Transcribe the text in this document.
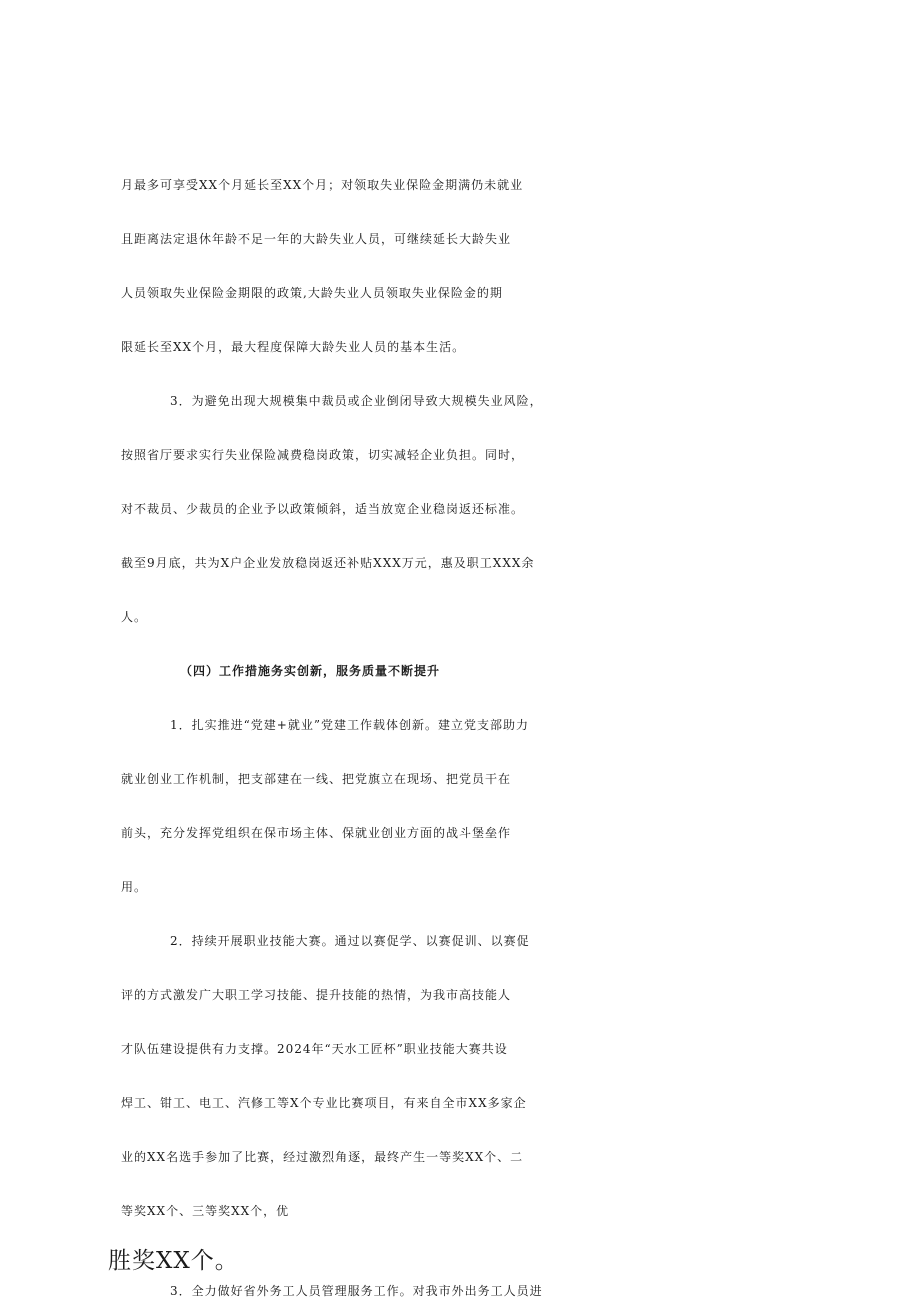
月最多可享受XX个月延长至XX个月；对领取失业保险金期满仍未就业
且距离法定退休年龄不足一年的大龄失业人员，可继续延长大龄失业
人员领取失业保险金期限的政策,大龄失业人员领取失业保险金的期
限延长至XX个月，最大程度保障大龄失业人员的基本生活。
3．为避免出现大规模集中裁员或企业倒闭导致大规模失业风险，
按照省厅要求实行失业保险减费稳岗政策，切实减轻企业负担。同时，
对不裁员、少裁员的企业予以政策倾斜，适当放宽企业稳岗返还标准。
截至9月底，共为X户企业发放稳岗返还补贴XXX万元，惠及职工XXX余
人。
（四）工作措施务实创新，服务质量不断提升
1．扎实推进“党建+就业”党建工作载体创新。建立党支部助力
就业创业工作机制，把支部建在一线、把党旗立在现场、把党员干在
前头，充分发挥党组织在保市场主体、保就业创业方面的战斗堡垒作
用。
2．持续开展职业技能大赛。通过以赛促学、以赛促训、以赛促
评的方式激发广大职工学习技能、提升技能的热情，为我市高技能人
才队伍建设提供有力支撑。2024年“天水工匠杯”职业技能大赛共设
焊工、钳工、电工、汽修工等X个专业比赛项目，有来自全市XX多家企
业的XX名选手参加了比赛，经过激烈角逐，最终产生一等奖XX个、二
等奖XX个、三等奖XX个，优
胜奖XX个。
3．全力做好省外务工人员管理服务工作。对我市外出务工人员进
